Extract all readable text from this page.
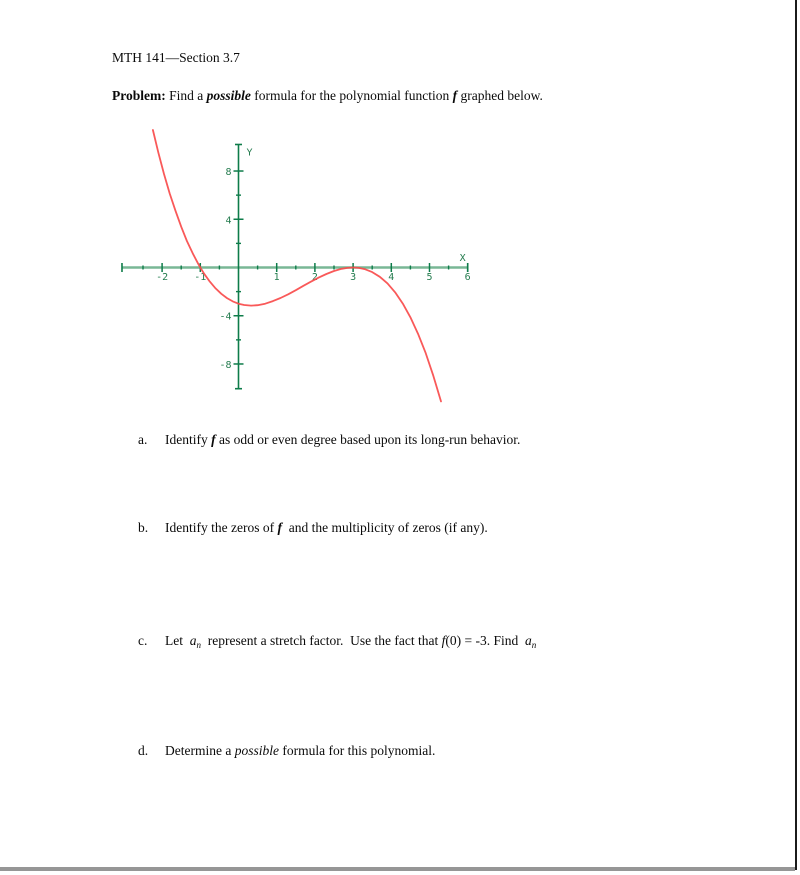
MTH 141—Section 3.7
Problem: Find a possible formula for the polynomial function f graphed below.
-2	-1	1	2	3	4	5	6
8
4
-4
-8
X
Y
a.	Identify f as odd or even degree based upon its long-run behavior.
b.	Identify the zeros of f  and the multiplicity of zeros (if any).
c.	Let  $a_n$  represent a stretch factor.  Use the fact that f(0) = -3. Find  $a_n$
d.	Determine a possible formula for this polynomial.
